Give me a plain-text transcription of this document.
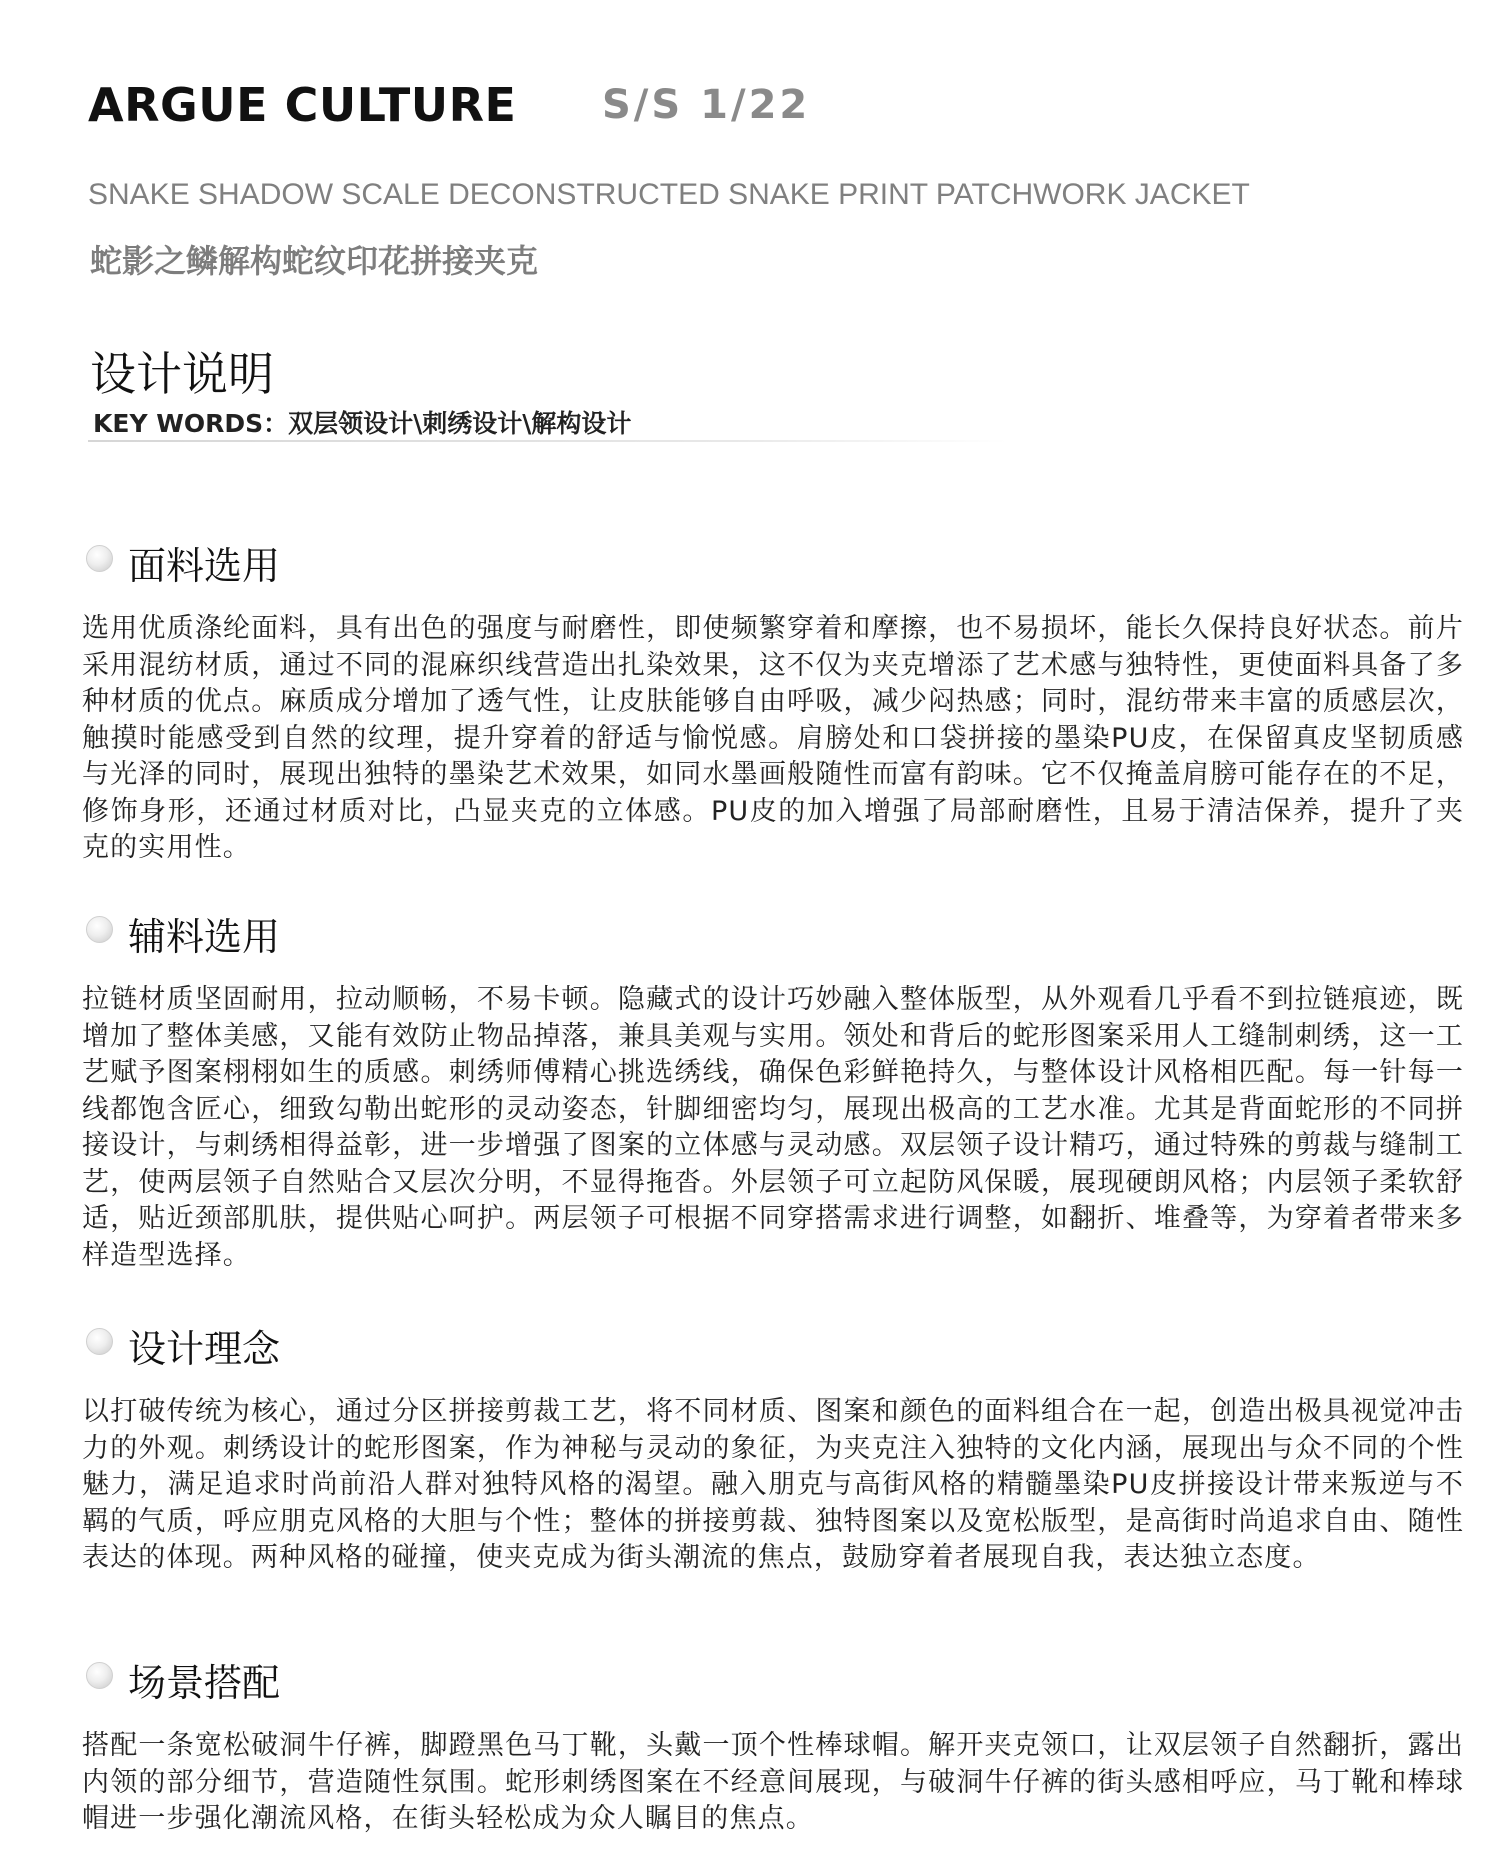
ARGUE CULTURE S/S 1/22
SNAKE SHADOW SCALE DECONSTRUCTED SNAKE PRINT PATCHWORK JACKET
蛇影之鳞解构蛇纹印花拼接夹克
设计说明
KEY WORDS：双层领设计\刺绣设计\解构设计
面料选用
选用优质涤纶面料，具有出色的强度与耐磨性，即使频繁穿着和摩擦，也不易损坏，能长久保持良好状态。前片采用混纺材质，通过不同的混麻织线营造出扎染效果，这不仅为夹克增添了艺术感与独特性，更使面料具备了多种材质的优点。麻质成分增加了透气性，让皮肤能够自由呼吸，减少闷热感；同时，混纺带来丰富的质感层次，触摸时能感受到自然的纹理，提升穿着的舒适与愉悦感。肩膀处和口袋拼接的墨染PU皮，在保留真皮坚韧质感与光泽的同时，展现出独特的墨染艺术效果，如同水墨画般随性而富有韵味。它不仅掩盖肩膀可能存在的不足，修饰身形，还通过材质对比，凸显夹克的立体感。PU皮的加入增强了局部耐磨性，且易于清洁保养，提升了夹克的实用性。
辅料选用
拉链材质坚固耐用，拉动顺畅，不易卡顿。隐藏式的设计巧妙融入整体版型，从外观看几乎看不到拉链痕迹，既增加了整体美感，又能有效防止物品掉落，兼具美观与实用。领处和背后的蛇形图案采用人工缝制刺绣，这一工艺赋予图案栩栩如生的质感。刺绣师傅精心挑选绣线，确保色彩鲜艳持久，与整体设计风格相匹配。每一针每一线都饱含匠心，细致勾勒出蛇形的灵动姿态，针脚细密均匀，展现出极高的工艺水准。尤其是背面蛇形的不同拼接设计，与刺绣相得益彰，进一步增强了图案的立体感与灵动感。双层领子设计精巧，通过特殊的剪裁与缝制工艺，使两层领子自然贴合又层次分明，不显得拖沓。外层领子可立起防风保暖，展现硬朗风格；内层领子柔软舒适，贴近颈部肌肤，提供贴心呵护。两层领子可根据不同穿搭需求进行调整，如翻折、堆叠等，为穿着者带来多样造型选择。
设计理念
以打破传统为核心，通过分区拼接剪裁工艺，将不同材质、图案和颜色的面料组合在一起，创造出极具视觉冲击力的外观。刺绣设计的蛇形图案，作为神秘与灵动的象征，为夹克注入独特的文化内涵，展现出与众不同的个性魅力，满足追求时尚前沿人群对独特风格的渴望。融入朋克与高街风格的精髓墨染PU皮拼接设计带来叛逆与不羁的气质，呼应朋克风格的大胆与个性；整体的拼接剪裁、独特图案以及宽松版型，是高街时尚追求自由、随性表达的体现。两种风格的碰撞，使夹克成为街头潮流的焦点，鼓励穿着者展现自我，表达独立态度。
场景搭配
搭配一条宽松破洞牛仔裤，脚蹬黑色马丁靴，头戴一顶个性棒球帽。解开夹克领口，让双层领子自然翻折，露出内领的部分细节，营造随性氛围。蛇形刺绣图案在不经意间展现，与破洞牛仔裤的街头感相呼应，马丁靴和棒球帽进一步强化潮流风格，在街头轻松成为众人瞩目的焦点。
